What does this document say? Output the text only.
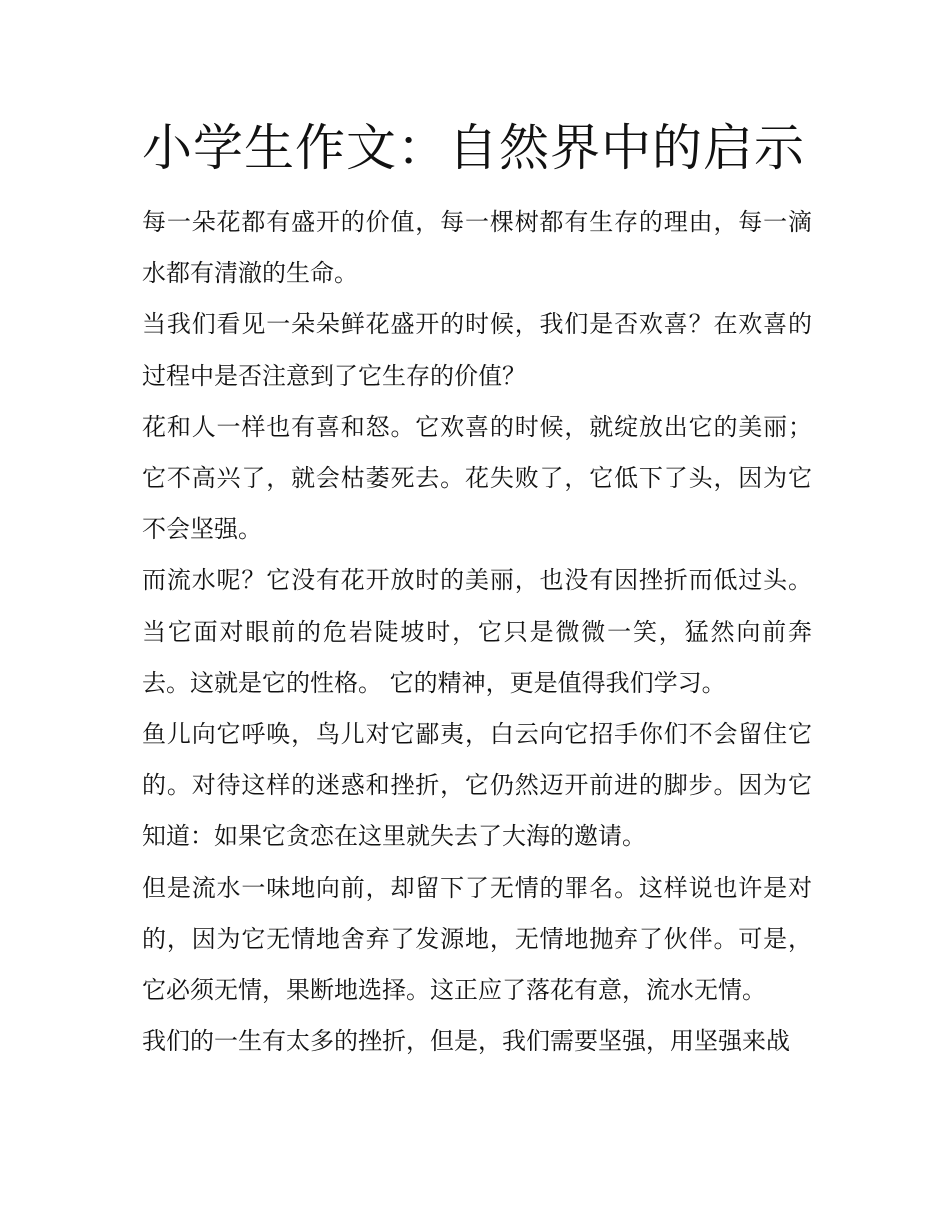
小学生作文：自然界中的启示

每一朵花都有盛开的价值，每一棵树都有生存的理由，每一滴水都有清澈的生命。

当我们看见一朵朵鲜花盛开的时候，我们是否欢喜？在欢喜的过程中是否注意到了它生存的价值？

花和人一样也有喜和怒。它欢喜的时候，就绽放出它的美丽；它不高兴了，就会枯萎死去。花失败了，它低下了头，因为它不会坚强。

而流水呢？它没有花开放时的美丽，也没有因挫折而低过头。当它面对眼前的危岩陡坡时，它只是微微一笑，猛然向前奔去。这就是它的性格。 它的精神，更是值得我们学习。

鱼儿向它呼唤，鸟儿对它鄙夷，白云向它招手你们不会留住它的。对待这样的迷惑和挫折，它仍然迈开前进的脚步。因为它知道：如果它贪恋在这里就失去了大海的邀请。

但是流水一味地向前，却留下了无情的罪名。这样说也许是对的，因为它无情地舍弃了发源地，无情地抛弃了伙伴。可是，它必须无情，果断地选择。这正应了落花有意，流水无情。

我们的一生有太多的挫折，但是，我们需要坚强，用坚强来战
